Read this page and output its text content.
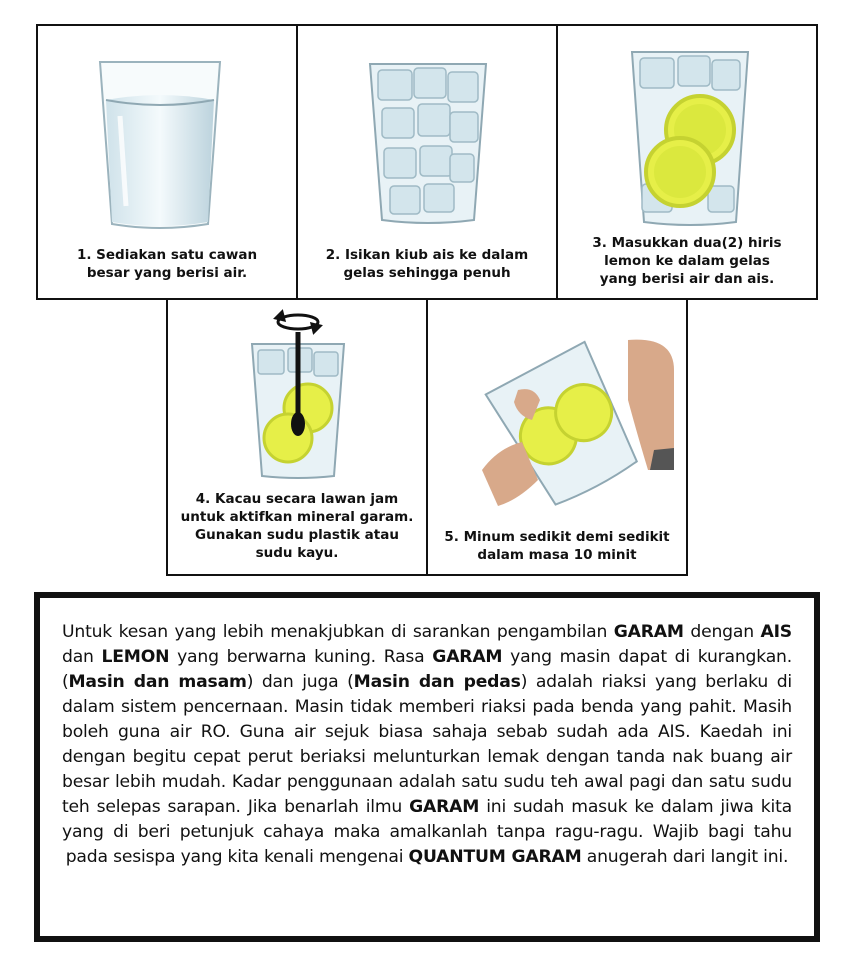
1. Sediakan satu cawan
besar yang berisi air.
2. Isikan kiub ais ke dalam
gelas sehingga penuh
3. Masukkan dua(2) hiris
lemon ke dalam gelas
yang berisi air dan ais.
4. Kacau secara lawan jam
untuk aktifkan mineral garam.
Gunakan sudu plastik atau
sudu kayu.
5. Minum sedikit demi sedikit
dalam masa 10 minit

Untuk kesan yang lebih menakjubkan di sarankan pengambilan GARAM dengan AIS dan LEMON yang berwarna kuning. Rasa GARAM yang masin dapat di kurangkan. (Masin dan masam) dan juga (Masin dan pedas) adalah riaksi yang berlaku di dalam sistem pencernaan. Masin tidak memberi riaksi pada benda yang pahit. Masih boleh guna air RO. Guna air sejuk biasa sahaja sebab sudah ada AIS. Kaedah ini dengan begitu cepat perut beriaksi melunturkan lemak dengan tanda nak buang air besar lebih mudah. Kadar penggunaan adalah satu sudu teh awal pagi dan satu sudu teh selepas sarapan. Jika benarlah ilmu GARAM ini sudah masuk ke dalam jiwa kita yang di beri petunjuk cahaya maka amalkanlah tanpa ragu-ragu. Wajib bagi tahu pada sesispa yang kita kenali mengenai QUANTUM GARAM anugerah dari langit ini.
